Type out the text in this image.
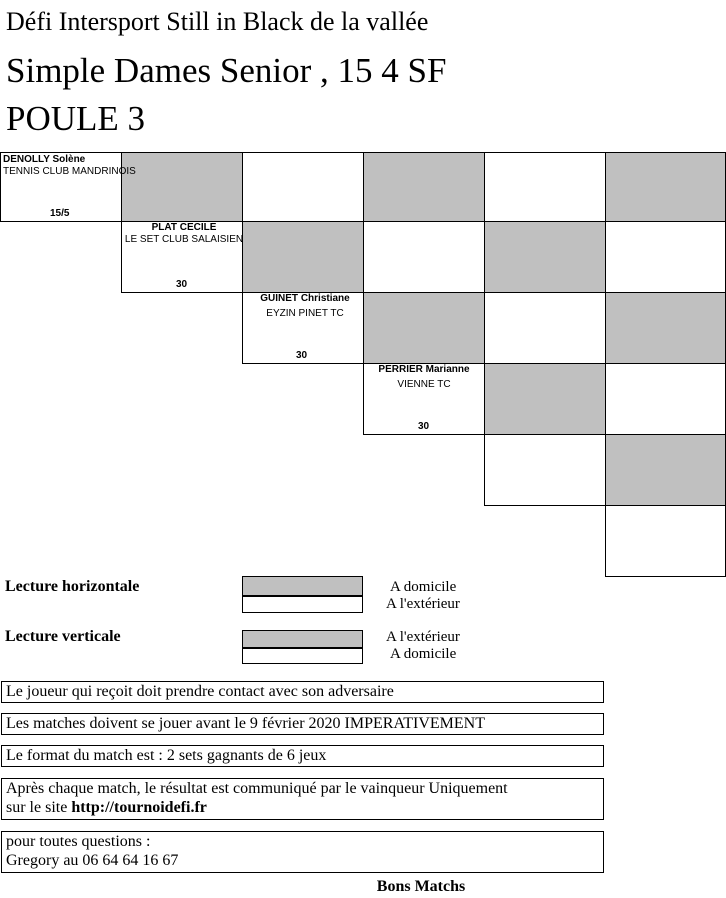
Défi Intersport Still in Black de la vallée
Simple Dames Senior , 15 4 SF
POULE 3
DENOLLY Solène
TENNIS CLUB MANDRINOIS
15/5
PLAT CECILE
LE SET CLUB SALAISIEN
30
GUINET Christiane
EYZIN PINET TC
30
PERRIER Marianne
VIENNE TC
30
Lecture horizontale	A domicile
A l'extérieur
Lecture verticale	A l'extérieur
A domicile
Le joueur qui reçoit doit prendre contact avec son adversaire
Les matches doivent se jouer avant le 9 février 2020 IMPERATIVEMENT
Le format du match est : 2 sets gagnants de 6 jeux
Après chaque match, le résultat est communiqué par le vainqueur Uniquement
sur le site http://tournoidefi.fr
pour toutes questions :
Gregory au 06 64 64 16 67
Bons Matchs
